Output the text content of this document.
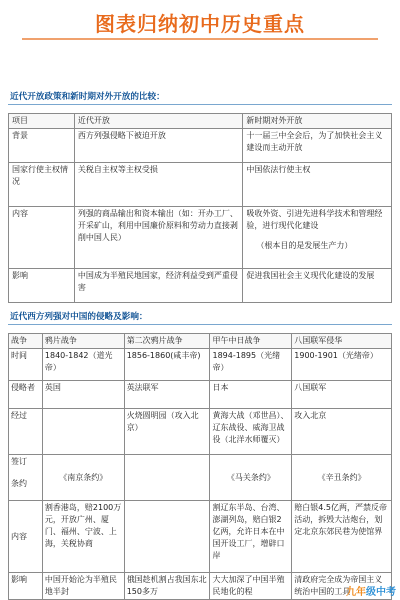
图表归纳初中历史重点
近代开放政策和新时期对外开放的比较：
项目	近代开放	新时期对外开放
背景	西方列强侵略下被迫开放	十一届三中全会后，为了加快社会主义建设而主动开放
国家行使主权情况	关税自主权等主权受损	中国依法行使主权
内容	列强的商品输出和资本输出（如：开办工厂、开采矿山，利用中国廉价原料和劳动力直接剥削中国人民）	吸收外资、引进先进科学技术和管理经验，进行现代化建设
（根本目的是发展生产力）

影响	中国成为半殖民地国家，经济利益受到严重侵害	促进我国社会主义现代化建设的发展
近代西方列强对中国的侵略及影响：
战争	鸦片战争	第二次鸦片战争	甲午中日战争	八国联军侵华
时间	1840-1842（道光帝）	1856-1860(咸丰帝)	1894-1895（光绪帝）	1900-1901（光绪帝）
侵略者	英国	英法联军	日本	八国联军
经过		火烧圆明园（攻入北京）	黄海大战（邓世昌）、辽东战役、威海卫战役（北洋水师覆灭）	攻入北京

签订
条约	《南京条约》		《马关条约》	《辛丑条约》
内容	割香港岛，赔2100万元，开放广州、厦门、福州、宁波、上海，关税协商		割辽东半岛、台湾、澎湖列岛，赔白银2亿两，允许日本在中国开设工厂，增辟口岸	赔白银4.5亿两，严禁反帝活动，拆毁大沽炮台，划定北京东郊民巷为使馆界
影响	中国开始沦为半殖民地半封	俄国趁机割占我国东北150多万	大大加深了中国半殖民地化的程	清政府完全成为帝国主义统治中国的工具
九年级中考
